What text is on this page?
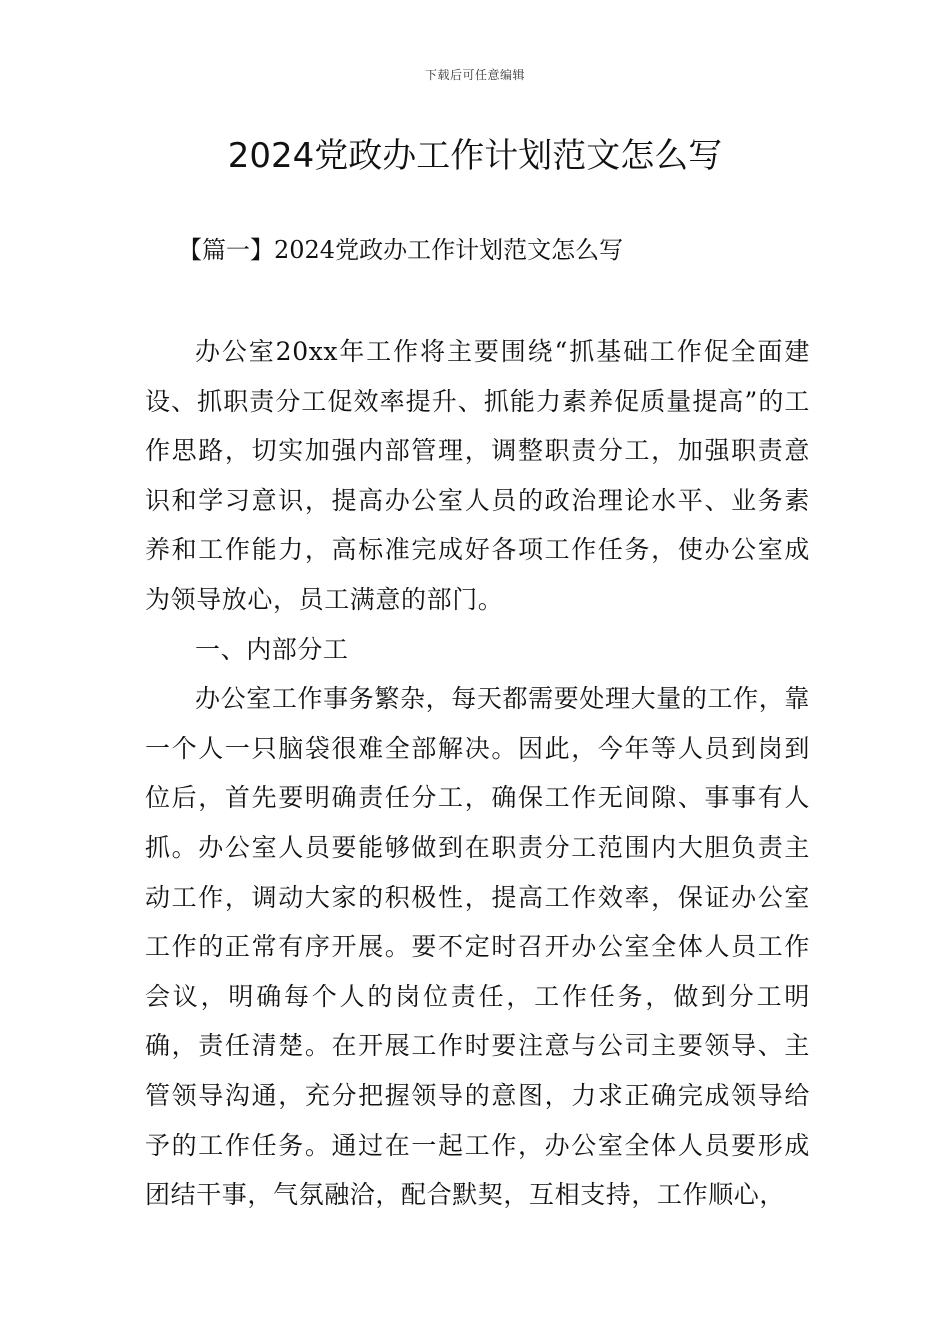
下载后可任意编辑
2024党政办工作计划范文怎么写
【篇一】2024党政办工作计划范文怎么写

办公室20xx年工作将主要围绕“抓基础工作促全面建设、抓职责分工促效率提升、抓能力素养促质量提高”的工作思路，切实加强内部管理，调整职责分工，加强职责意识和学习意识，提高办公室人员的政治理论水平、业务素养和工作能力，高标准完成好各项工作任务，使办公室成为领导放心，员工满意的部门。

一、内部分工

办公室工作事务繁杂，每天都需要处理大量的工作，靠一个人一只脑袋很难全部解决。因此，今年等人员到岗到位后，首先要明确责任分工，确保工作无间隙、事事有人抓。办公室人员要能够做到在职责分工范围内大胆负责主动工作，调动大家的积极性，提高工作效率，保证办公室工作的正常有序开展。要不定时召开办公室全体人员工作会议，明确每个人的岗位责任，工作任务，做到分工明确，责任清楚。在开展工作时要注意与公司主要领导、主管领导沟通，充分把握领导的意图，力求正确完成领导给予的工作任务。通过在一起工作，办公室全体人员要形成团结干事，气氛融洽，配合默契，互相支持，工作顺心，
